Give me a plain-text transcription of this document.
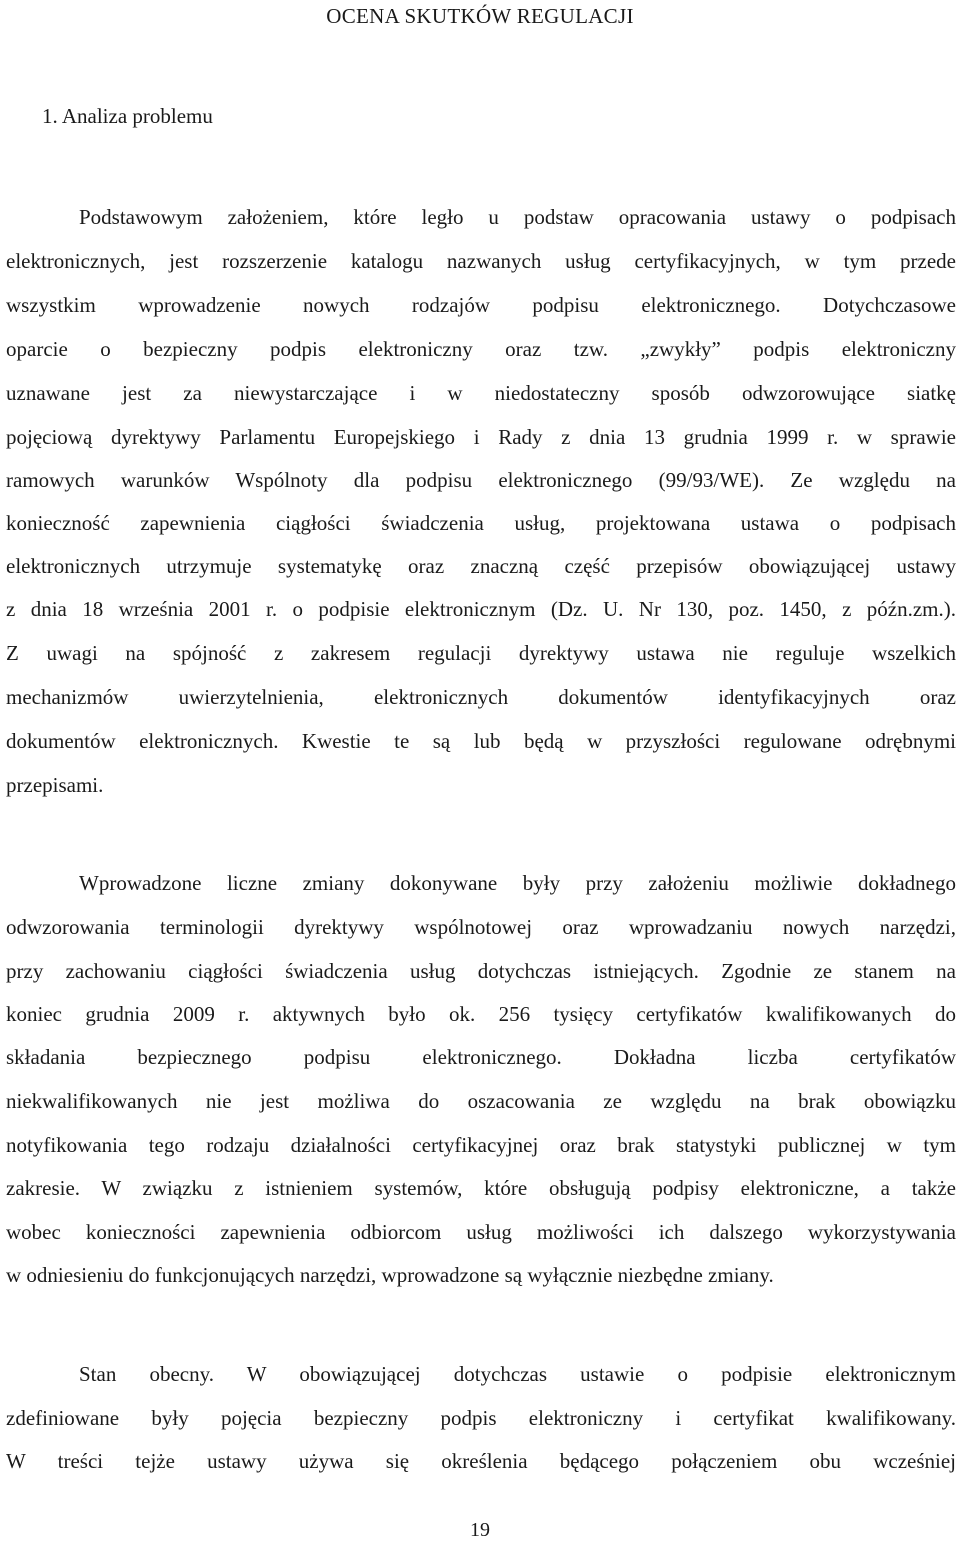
OCENA SKUTKÓW REGULACJI
1. Analiza problemu
Podstawowym założeniem, które legło u podstaw opracowania ustawy o podpisach
elektronicznych, jest rozszerzenie katalogu nazwanych usług certyfikacyjnych, w tym przede
wszystkim wprowadzenie nowych rodzajów podpisu elektronicznego. Dotychczasowe
oparcie o bezpieczny podpis elektroniczny oraz tzw. „zwykły” podpis elektroniczny
uznawane jest za niewystarczające i w niedostateczny sposób odwzorowujące siatkę
pojęciową dyrektywy Parlamentu Europejskiego i Rady z dnia 13 grudnia 1999 r. w sprawie
ramowych warunków Wspólnoty dla podpisu elektronicznego (99/93/WE). Ze względu na
konieczność zapewnienia ciągłości świadczenia usług, projektowana ustawa o podpisach
elektronicznych utrzymuje systematykę oraz znaczną część przepisów obowiązującej ustawy
z dnia 18 września 2001 r. o podpisie elektronicznym (Dz. U. Nr 130, poz. 1450, z późn.zm.).
Z uwagi na spójność z zakresem regulacji dyrektywy ustawa nie reguluje wszelkich
mechanizmów uwierzytelnienia, elektronicznych dokumentów identyfikacyjnych oraz
dokumentów elektronicznych. Kwestie te są lub będą w przyszłości regulowane odrębnymi
przepisami.
Wprowadzone liczne zmiany dokonywane były przy założeniu możliwie dokładnego
odwzorowania terminologii dyrektywy wspólnotowej oraz wprowadzaniu nowych narzędzi,
przy zachowaniu ciągłości świadczenia usług dotychczas istniejących. Zgodnie ze stanem na
koniec grudnia 2009 r. aktywnych było ok. 256 tysięcy certyfikatów kwalifikowanych do
składania bezpiecznego podpisu elektronicznego. Dokładna liczba certyfikatów
niekwalifikowanych nie jest możliwa do oszacowania ze względu na brak obowiązku
notyfikowania tego rodzaju działalności certyfikacyjnej oraz brak statystyki publicznej w tym
zakresie. W związku z istnieniem systemów, które obsługują podpisy elektroniczne, a także
wobec konieczności zapewnienia odbiorcom usług możliwości ich dalszego wykorzystywania
w odniesieniu do funkcjonujących narzędzi, wprowadzone są wyłącznie niezbędne zmiany.
Stan obecny. W obowiązującej dotychczas ustawie o podpisie elektronicznym
zdefiniowane były pojęcia bezpieczny podpis elektroniczny i certyfikat kwalifikowany.
W treści tejże ustawy używa się określenia będącego połączeniem obu wcześniej
19
